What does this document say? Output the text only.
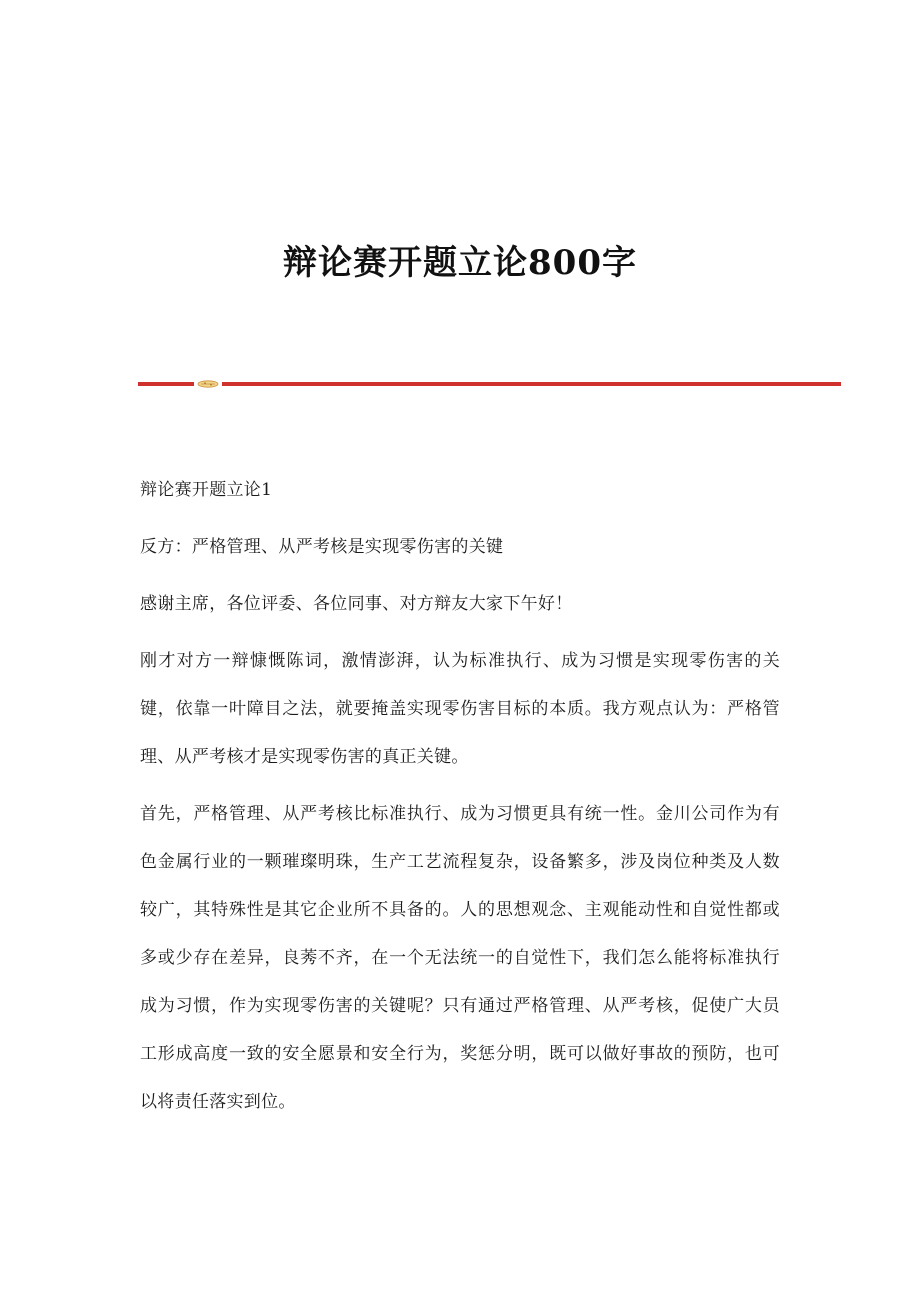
辩论赛开题立论800字

辩论赛开题立论1

反方：严格管理、从严考核是实现零伤害的关键

感谢主席，各位评委、各位同事、对方辩友大家下午好！

刚才对方一辩慷慨陈词，激情澎湃，认为标准执行、成为习惯是实现零伤害的关键，依靠一叶障目之法，就要掩盖实现零伤害目标的本质。我方观点认为：严格管理、从严考核才是实现零伤害的真正关键。

首先，严格管理、从严考核比标准执行、成为习惯更具有统一性。金川公司作为有色金属行业的一颗璀璨明珠，生产工艺流程复杂，设备繁多，涉及岗位种类及人数较广，其特殊性是其它企业所不具备的。人的思想观念、主观能动性和自觉性都或多或少存在差异，良莠不齐，在一个无法统一的自觉性下，我们怎么能将标准执行成为习惯，作为实现零伤害的关键呢？只有通过严格管理、从严考核，促使广大员工形成高度一致的安全愿景和安全行为，奖惩分明，既可以做好事故的预防，也可以将责任落实到位。
